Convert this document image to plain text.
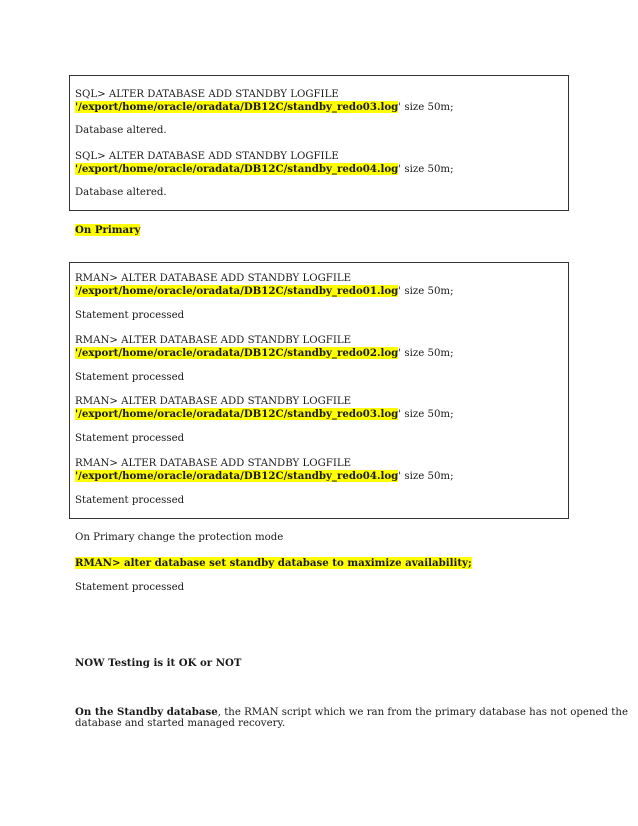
SQL> ALTER DATABASE ADD STANDBY LOGFILE
'/export/home/oracle/oradata/DB12C/standby_redo03.log' size 50m;
Database altered.
SQL> ALTER DATABASE ADD STANDBY LOGFILE
'/export/home/oracle/oradata/DB12C/standby_redo04.log' size 50m;
Database altered.
On Primary
RMAN> ALTER DATABASE ADD STANDBY LOGFILE
'/export/home/oracle/oradata/DB12C/standby_redo01.log' size 50m;
Statement processed
RMAN> ALTER DATABASE ADD STANDBY LOGFILE
'/export/home/oracle/oradata/DB12C/standby_redo02.log' size 50m;
Statement processed
RMAN> ALTER DATABASE ADD STANDBY LOGFILE
'/export/home/oracle/oradata/DB12C/standby_redo03.log' size 50m;
Statement processed
RMAN> ALTER DATABASE ADD STANDBY LOGFILE
'/export/home/oracle/oradata/DB12C/standby_redo04.log' size 50m;
Statement processed
On Primary change the protection mode
RMAN> alter database set standby database to maximize availability;
Statement processed
NOW Testing is it OK or NOT
On the Standby database, the RMAN script which we ran from the primary database has not opened the
database and started managed recovery.
